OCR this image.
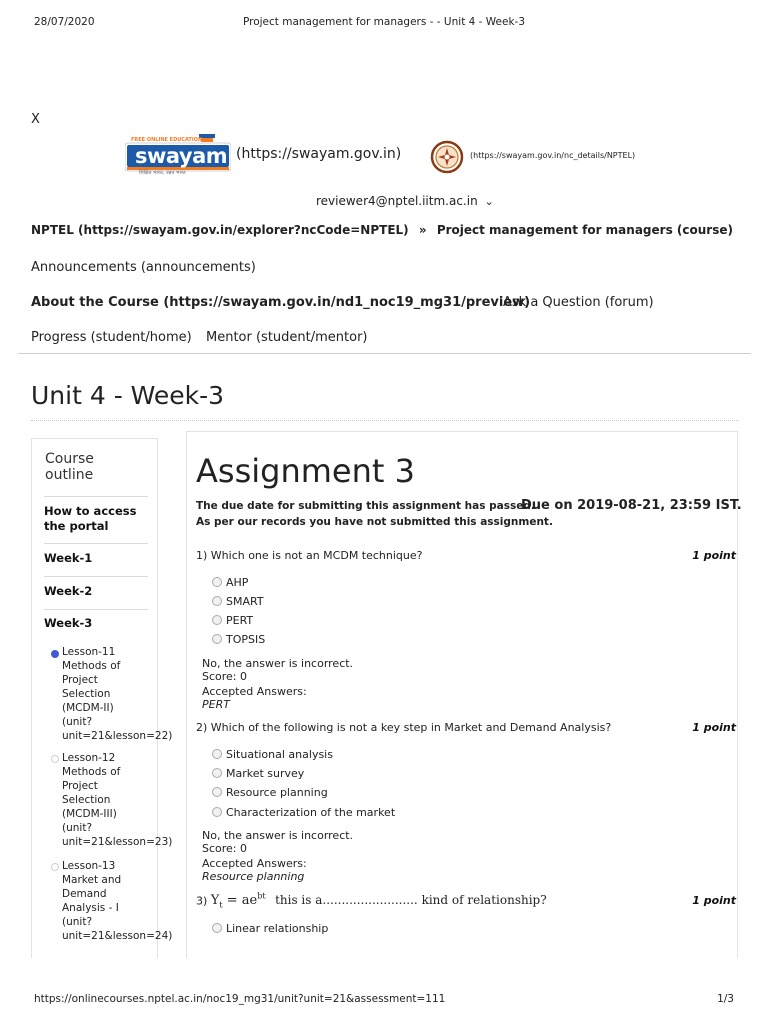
28/07/2020	Project management for managers - - Unit 4 - Week-3
X
FREE ONLINE EDUCATION
swayam
शिक्षित भारत, उन्नत भारत
(https://swayam.gov.in)	(https://swayam.gov.in/nc_details/NPTEL)
reviewer4@nptel.iitm.ac.in ⌄
NPTEL (https://swayam.gov.in/explorer?ncCode=NPTEL) » Project management for managers (course)
Announcements (announcements)
About the Course (https://swayam.gov.in/nd1_noc19_mg31/preview)
Ask a Question (forum)
Progress (student/home) Mentor (student/mentor)
Unit 4 - Week-3
Course
outline
How to access
the portal
Week-1
Week-2
Week-3
Lesson-11
Methods of
Project
Selection
(MCDM-II)
(unit?
unit=21&lesson=22)
Lesson-12
Methods of
Project
Selection
(MCDM-III)
(unit?
unit=21&lesson=23)
Lesson-13
Market and
Demand
Analysis - I
(unit?
unit=21&lesson=24)
Assignment 3
The due date for submitting this assignment has passed.
Due on 2019-08-21, 23:59 IST.
As per our records you have not submitted this assignment.
1) Which one is not an MCDM technique?	1 point
AHP
SMART
PERT
TOPSIS
No, the answer is incorrect.
Score: 0
Accepted Answers:
PERT
2) Which of the following is not a key step in Market and Demand Analysis?	1 point
Situational analysis
Market survey
Resource planning
Characterization of the market
No, the answer is incorrect.
Score: 0
Accepted Answers:
Resource planning
3) $Y_t = ae^{bt}$ this is a......................... kind of relationship?	1 point
Linear relationship
https://onlinecourses.nptel.ac.in/noc19_mg31/unit?unit=21&assessment=111	1/3
